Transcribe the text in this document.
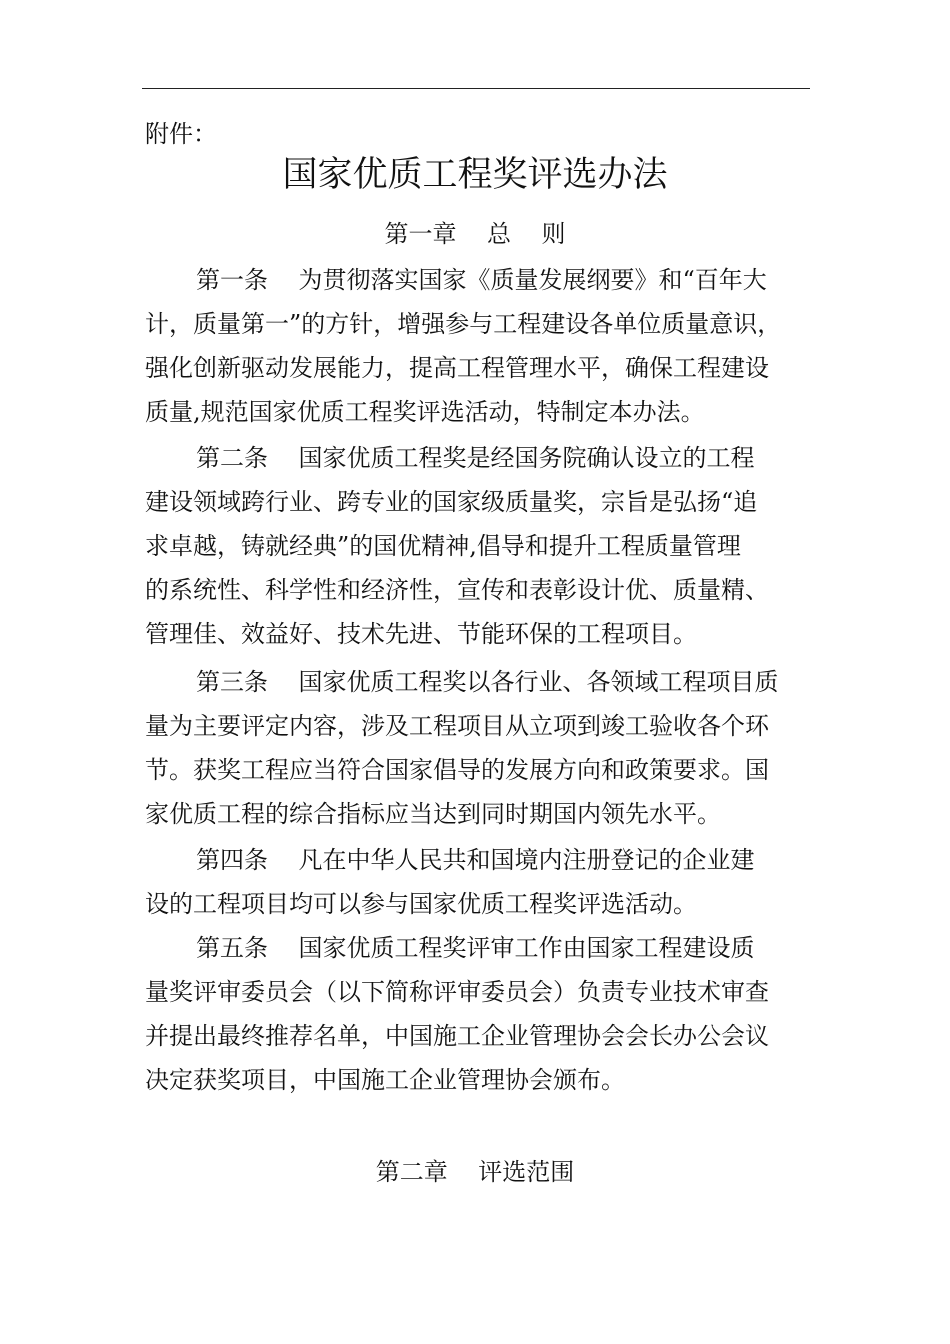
附件：
国家优质工程奖评选办法
第一章    总    则
第一条    为贯彻落实国家《质量发展纲要》和“百年大
计，质量第一”的方针，增强参与工程建设各单位质量意识，
强化创新驱动发展能力，提高工程管理水平，确保工程建设
质量,规范国家优质工程奖评选活动，特制定本办法。
第二条    国家优质工程奖是经国务院确认设立的工程
建设领域跨行业、跨专业的国家级质量奖，宗旨是弘扬“追
求卓越，铸就经典”的国优精神,倡导和提升工程质量管理
的系统性、科学性和经济性，宣传和表彰设计优、质量精、
管理佳、效益好、技术先进、节能环保的工程项目。
第三条    国家优质工程奖以各行业、各领域工程项目质
量为主要评定内容，涉及工程项目从立项到竣工验收各个环
节。获奖工程应当符合国家倡导的发展方向和政策要求。国
家优质工程的综合指标应当达到同时期国内领先水平。
第四条    凡在中华人民共和国境内注册登记的企业建
设的工程项目均可以参与国家优质工程奖评选活动。
第五条    国家优质工程奖评审工作由国家工程建设质
量奖评审委员会（以下简称评审委员会）负责专业技术审查
并提出最终推荐名单，中国施工企业管理协会会长办公会议
决定获奖项目，中国施工企业管理协会颁布。
第二章    评选范围
